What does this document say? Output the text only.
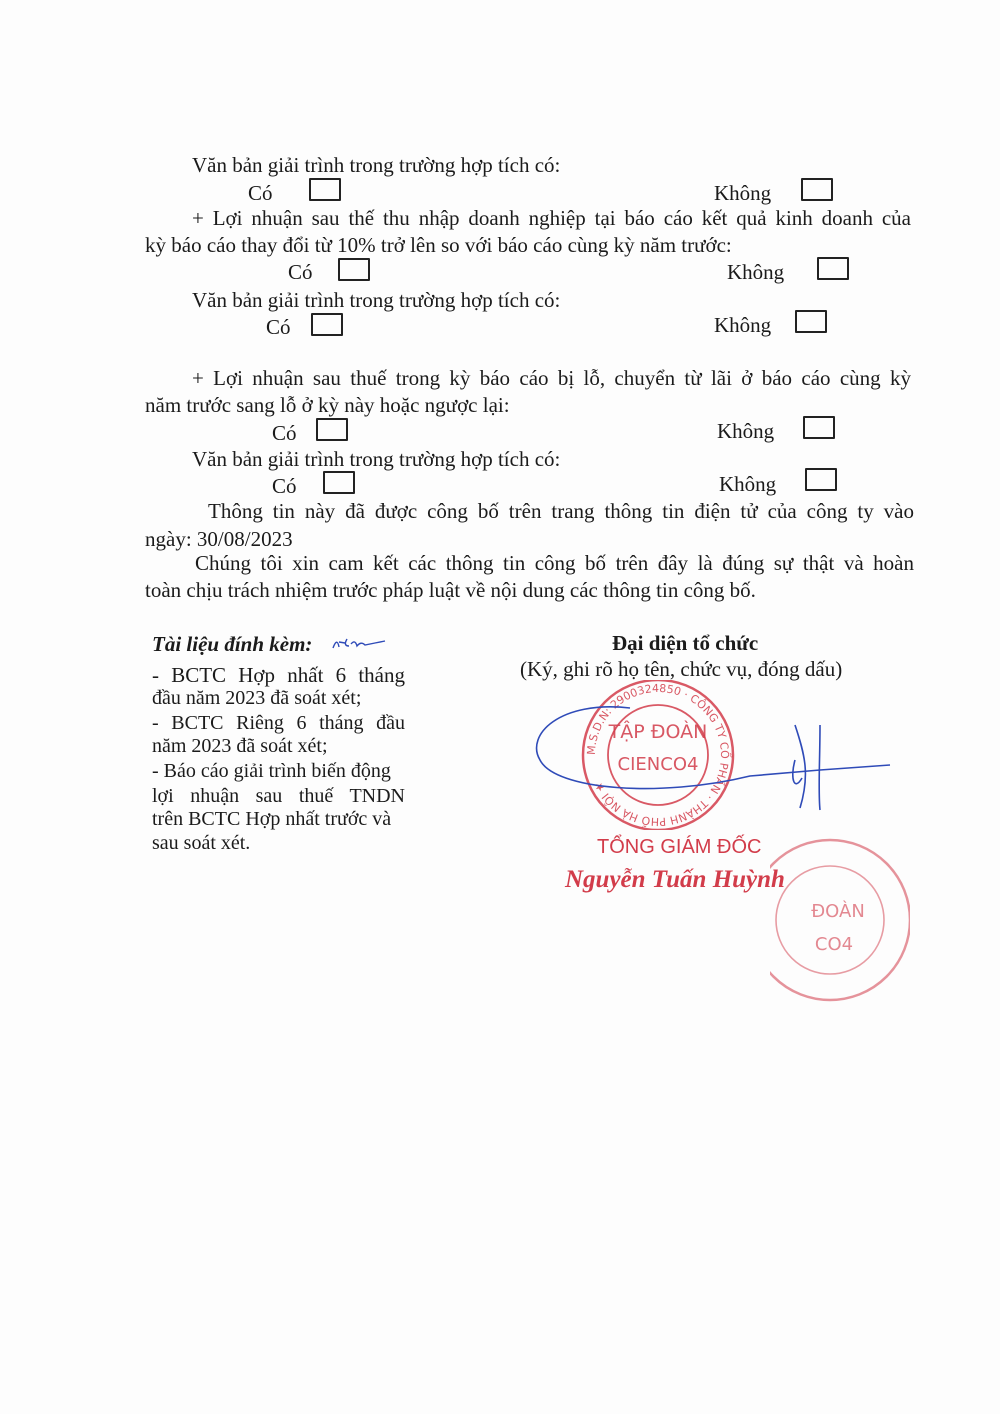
Văn bản giải trình trong trường hợp tích có:
Có	Không
+ Lợi nhuận sau thế thu nhập doanh nghiệp tại báo cáo kết quả kinh doanh của
kỳ báo cáo thay đổi từ 10% trở lên so với báo cáo cùng kỳ năm trước:
Có	Không
Văn bản giải trình trong trường hợp tích có:
Có	Không
+ Lợi nhuận sau thuế trong kỳ báo cáo bị lỗ, chuyển từ lãi ở báo cáo cùng kỳ
năm trước sang lỗ ở kỳ này hoặc ngược lại:
Có	Không
Văn bản giải trình trong trường hợp tích có:
Có	Không
Thông tin này đã được công bố trên trang thông tin điện tử của công ty vào
ngày: 30/08/2023
Chúng tôi xin cam kết các thông tin công bố trên đây là đúng sự thật và hoàn
toàn chịu trách nhiệm trước pháp luật về nội dung các thông tin công bố.
Tài liệu đính kèm:
- BCTC Hợp nhất 6 tháng
đầu năm 2023 đã soát xét;
- BCTC Riêng 6 tháng đầu
năm 2023 đã soát xét;
- Báo cáo giải trình biến động
lợi nhuận sau thuế TNDN
trên BCTC Hợp nhất trước và
sau soát xét.
Đại diện tổ chức
(Ký, ghi rõ họ tên, chức vụ, đóng dấu)
M.S.D.N: 2900324850 · CÔNG TY CỔ PHẦN · THÀNH PHỐ HÀ NỘI ★
TẬP ĐOÀN
CIENCO4
TỔNG GIÁM ĐỐC
Nguyễn Tuấn Huỳnh
ĐOÀN
CO4
